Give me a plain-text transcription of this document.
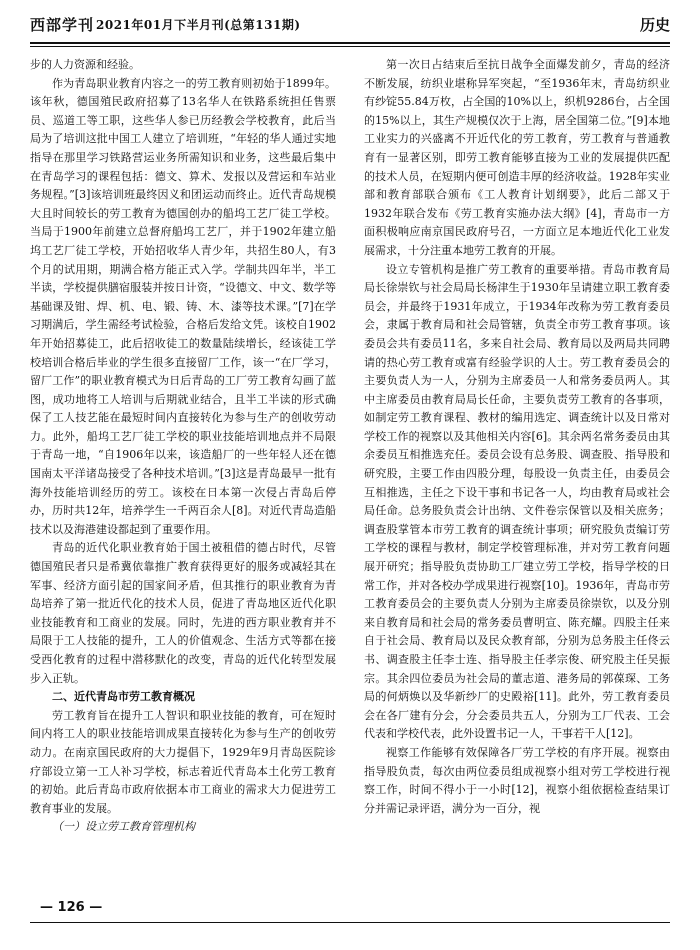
西部学刊 2021年01月下半月刊(总第131期)	历史

步的人力资源和经验。

作为青岛职业教育内容之一的劳工教育则初始于1899年。该年秋，德国殖民政府招募了13名华人在铁路系统担任售票员、巡道工等工职，这些华人参已历经教会学校教育，此后当局为了培训这批中国工人建立了培训班，“年轻的华人通过实地指导在那里学习铁路营运业务所需知识和业务，这些最后集中在青岛学习的课程包括：德文、算术、发报以及营运和车站业务规程。”[3]该培训班最终因义和团运动而终止。近代青岛规模大且时间较长的劳工教育为德国创办的船坞工艺厂徒工学校。当局于1900年前建立总督府船坞工艺厂，并于1902年建立船坞工艺厂徒工学校，开始招收华人青少年，共招生80人，有3个月的试用期，期满合格方能正式入学。学制共四年半，半工半读，学校提供膳宿服装并按日计资，“设德文、中文、数学等基础课及钳、焊、机、电、锻、铸、木、漆等技术课。”[7]在学习期满后，学生需经考试检验，合格后发给文凭。该校自1902年开始招募徒工，此后招收徒工的数量陆续增长，经该徒工学校培训合格后毕业的学生很多直接留厂工作，该一“在厂学习，留厂工作”的职业教育模式为日后青岛的工厂劳工教育勾画了蓝图，成功地将工人培训与后期就业结合，且半工半读的形式确保了工人技艺能在最短时间内直接转化为参与生产的创收劳动力。此外，船坞工艺厂徒工学校的职业技能培训地点并不局限于青岛一地，“自1906年以来，该造船厂的一些年轻人还在德国南太平洋诸岛接受了各种技术培训。”[3]这是青岛最早一批有海外技能培训经历的劳工。该校在日本第一次侵占青岛后停办，历时共12年，培养学生一千两百余人[8]。对近代青岛造船技术以及海港建设都起到了重要作用。

青岛的近代化职业教育始于国土被租借的德占时代，尽管德国殖民者只是希冀依靠推广教育获得更好的服务或减轻其在军事、经济方面引起的国家间矛盾，但其推行的职业教育为青岛培养了第一批近代化的技术人员，促进了青岛地区近代化职业技能教育和工商业的发展。同时，先进的西方职业教育并不局限于工人技能的提升，工人的价值观念、生活方式等都在接受西化教育的过程中潜移默化的改变，青岛的近代化转型发展步入正轨。

二、近代青岛市劳工教育概况

劳工教育旨在提升工人智识和职业技能的教育，可在短时间内将工人的职业技能培训成果直接转化为参与生产的创收劳动力。在南京国民政府的大力提倡下，1929年9月青岛医院诊疗部设立第一工人补习学校，标志着近代青岛本土化劳工教育的初始。此后青岛市政府依据本市工商业的需求大力促进劳工教育事业的发展。

（一）设立劳工教育管理机构

第一次日占结束后至抗日战争全面爆发前夕，青岛的经济不断发展，纺织业堪称异军突起，“至1936年末，青岛纺织业有纱锭55.84万枚，占全国的10%以上，织机9286台，占全国的15%以上，其生产规模仅次于上海，居全国第二位。”[9]本地工业实力的兴盛离不开近代化的劳工教育，劳工教育与普通教育有一显著区别，即劳工教育能够直接为工业的发展提供匹配的技术人员，在短期内便可创造丰厚的经济收益。1928年实业部和教育部联合颁布《工人教育计划纲要》，此后二部又于1932年联合发布《劳工教育实施办法大纲》[4]，青岛市一方面积极响应南京国民政府号召，一方面立足本地近代化工业发展需求，十分注重本地劳工教育的开展。

设立专管机构是推广劳工教育的重要举措。青岛市教育局局长徐崇钦与社会局局长杨津生于1930年呈请建立职工教育委员会，并最终于1931年成立，于1934年改称为劳工教育委员会，隶属于教育局和社会局管辖，负责全市劳工教育事项。该委员会共有委员11名，多来自社会局、教育局以及两局共同聘请的热心劳工教育或富有经验学识的人士。劳工教育委员会的主要负责人为一人，分别为主席委员一人和常务委员两人。其中主席委员由教育局局长任命，主要负责劳工教育的各事项，如制定劳工教育课程、教材的编用选定、调查统计以及日常对学校工作的视察以及其他相关内容[6]。其余两名常务委员由其余委员互相推选充任。委员会设有总务股、调查股、指导股和研究股，主要工作由四股分理，每股设一负责主任，由委员会互相推选，主任之下设干事和书记各一人，均由教育局或社会局任命。总务股负责会计出纳、文件卷宗保管以及相关庶务；调查股掌管本市劳工教育的调查统计事项；研究股负责编订劳工学校的课程与教材，制定学校管理标准，并对劳工教育问题展开研究；指导股负责协助工厂建立劳工学校，指导学校的日常工作，并对各校办学成果进行视察[10]。1936年，青岛市劳工教育委员会的主要负责人分别为主席委员徐崇钦，以及分别来自教育局和社会局的常务委员曹明宣、陈充耀。四股主任来自于社会局、教育局以及民众教育部，分别为总务股主任佟云书、调查股主任李士连、指导股主任孝宗俊、研究股主任吴振宗。其余四位委员为社会局的董志道、港务局的郭葆琛、工务局的何炳焕以及华新纱厂的史殿裕[11]。此外，劳工教育委员会在各厂建有分会，分会委员共五人，分别为工厂代表、工会代表和学校代表，此外设置书记一人，干事若干人[12]。

视察工作能够有效保障各厂劳工学校的有序开展。视察由指导股负责，每次由两位委员组成视察小组对劳工学校进行视察工作，时间不得小于一小时[12]，视察小组依据检查结果订分并需记录评语，满分为一百分，视

— 126 —
